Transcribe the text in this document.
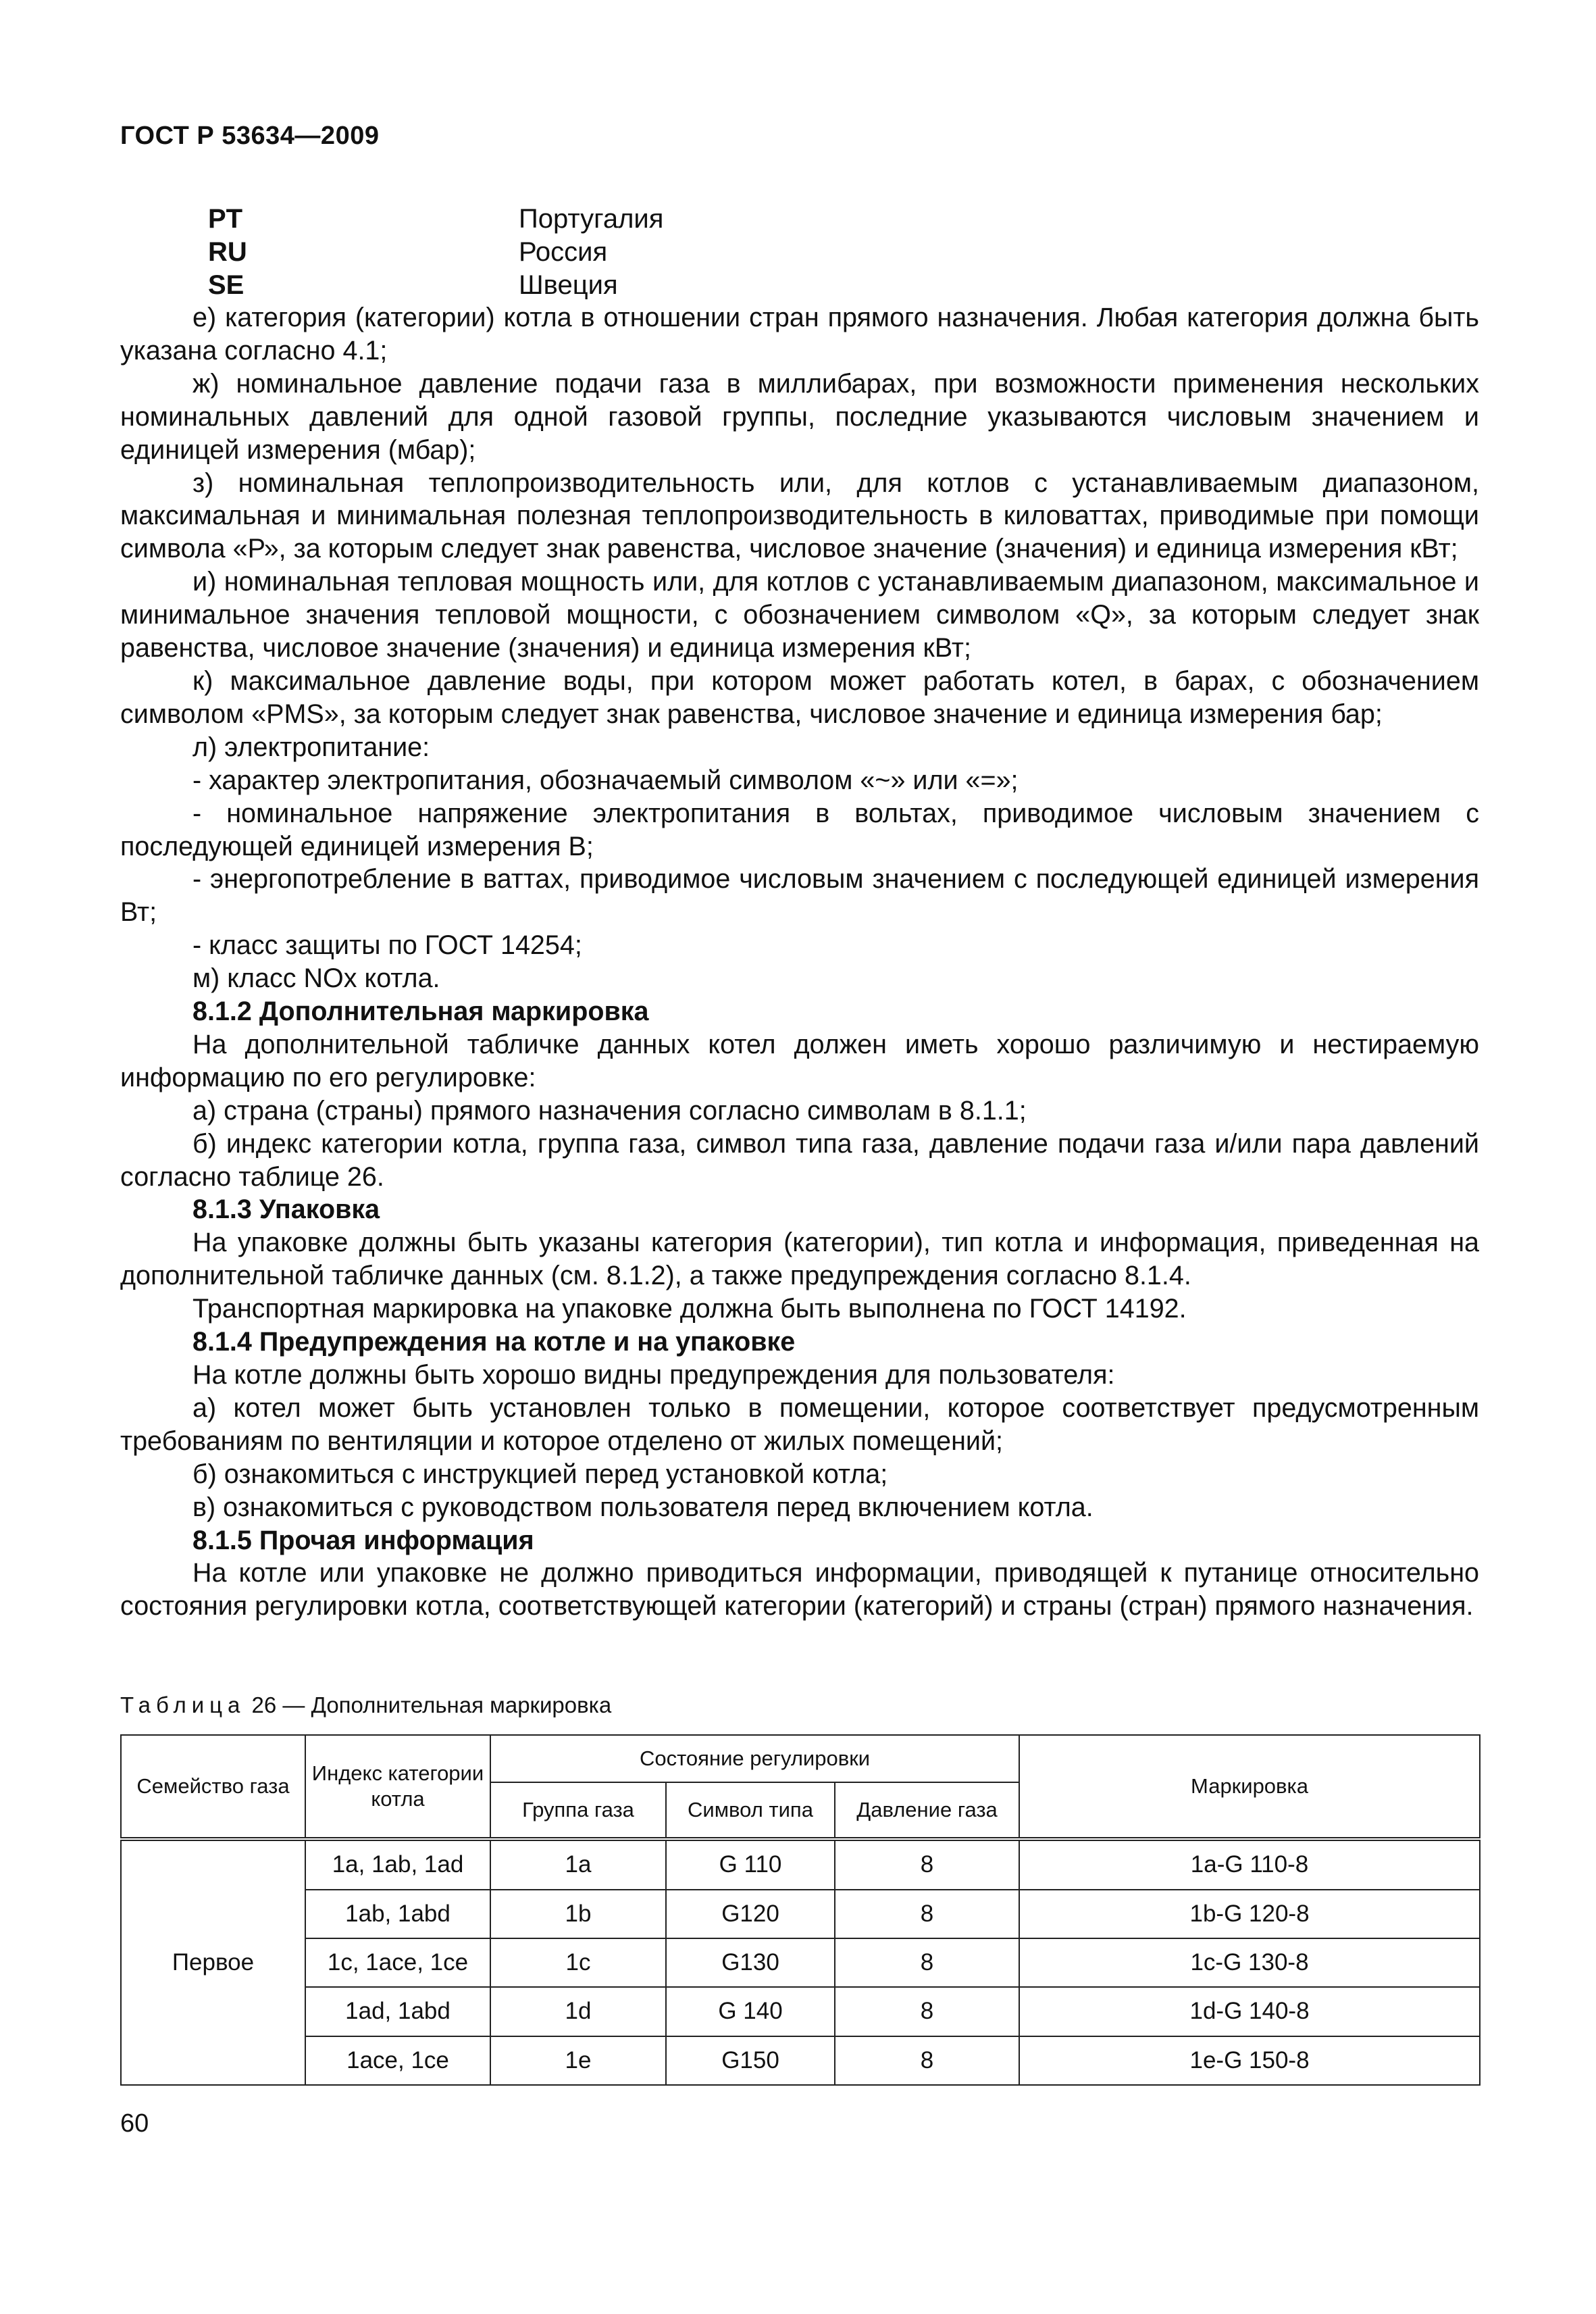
ГОСТ Р 53634—2009
PT	Португалия
RU	Россия
SE	Швеция

е) категория (категории) котла в отношении стран прямого назначения. Любая категория должна быть указана согласно 4.1;

ж) номинальное давление подачи газа в миллибарах, при возможности применения нескольких номинальных давлений для одной газовой группы, последние указываются числовым значением и единицей измерения (мбар);

з) номинальная теплопроизводительность или, для котлов с устанавливаемым диапазоном, максимальная и минимальная полезная теплопроизводительность в киловаттах, приводимые при помощи символа «Р», за которым следует знак равенства, числовое значение (значения) и единица измерения кВт;

и) номинальная тепловая мощность или, для котлов с устанавливаемым диапазоном, максимальное и минимальное значения тепловой мощности, с обозначением символом «Q», за которым следует знак равенства, числовое значение (значения) и единица измерения кВт;

к) максимальное давление воды, при котором может работать котел, в барах, с обозначением символом «PMS», за которым следует знак равенства, числовое значение и единица измерения бар;

л) электропитание:

- характер электропитания, обозначаемый символом «~» или «=»;

- номинальное напряжение электропитания в вольтах, приводимое числовым значением с последующей единицей измерения В;

- энергопотребление в ваттах, приводимое числовым значением с последующей единицей измерения Вт;

- класс защиты по ГОСТ 14254;

м) класс NOx котла.

8.1.2 Дополнительная маркировка

На дополнительной табличке данных котел должен иметь хорошо различимую и нестираемую информацию по его регулировке:

а) страна (страны) прямого назначения согласно символам в 8.1.1;

б) индекс категории котла, группа газа, символ типа газа, давление подачи газа и/или пара давлений согласно таблице 26.

8.1.3 Упаковка

На упаковке должны быть указаны категория (категории), тип котла и информация, приведенная на дополнительной табличке данных (см. 8.1.2), а также предупреждения согласно 8.1.4.

Транспортная маркировка на упаковке должна быть выполнена по ГОСТ 14192.

8.1.4 Предупреждения на котле и на упаковке

На котле должны быть хорошо видны предупреждения для пользователя:

а) котел может быть установлен только в помещении, которое соответствует предусмотренным требованиям по вентиляции и которое отделено от жилых помещений;

б) ознакомиться с инструкцией перед установкой котла;

в) ознакомиться с руководством пользователя перед включением котла.

8.1.5 Прочая информация

На котле или упаковке не должно приводиться информации, приводящей к путанице относительно состояния регулировки котла, соответствующей категории (категорий) и страны (стран) прямого назначения.

Таблица 26 — Дополнительная маркировка
Семейство газа	Индекс категории котла	Состояние регулировки			Маркировка
		Группа газа	Символ типа	Давление газа	
Первое	1a, 1ab, 1ad	1a	G 110	8	1a-G 110-8
	1ab, 1abd	1b	G120	8	1b-G 120-8
	1c, 1ace, 1ce	1c	G130	8	1c-G 130-8
	1ad, 1abd	1d	G 140	8	1d-G 140-8
	1ace, 1ce	1e	G150	8	1e-G 150-8
60
